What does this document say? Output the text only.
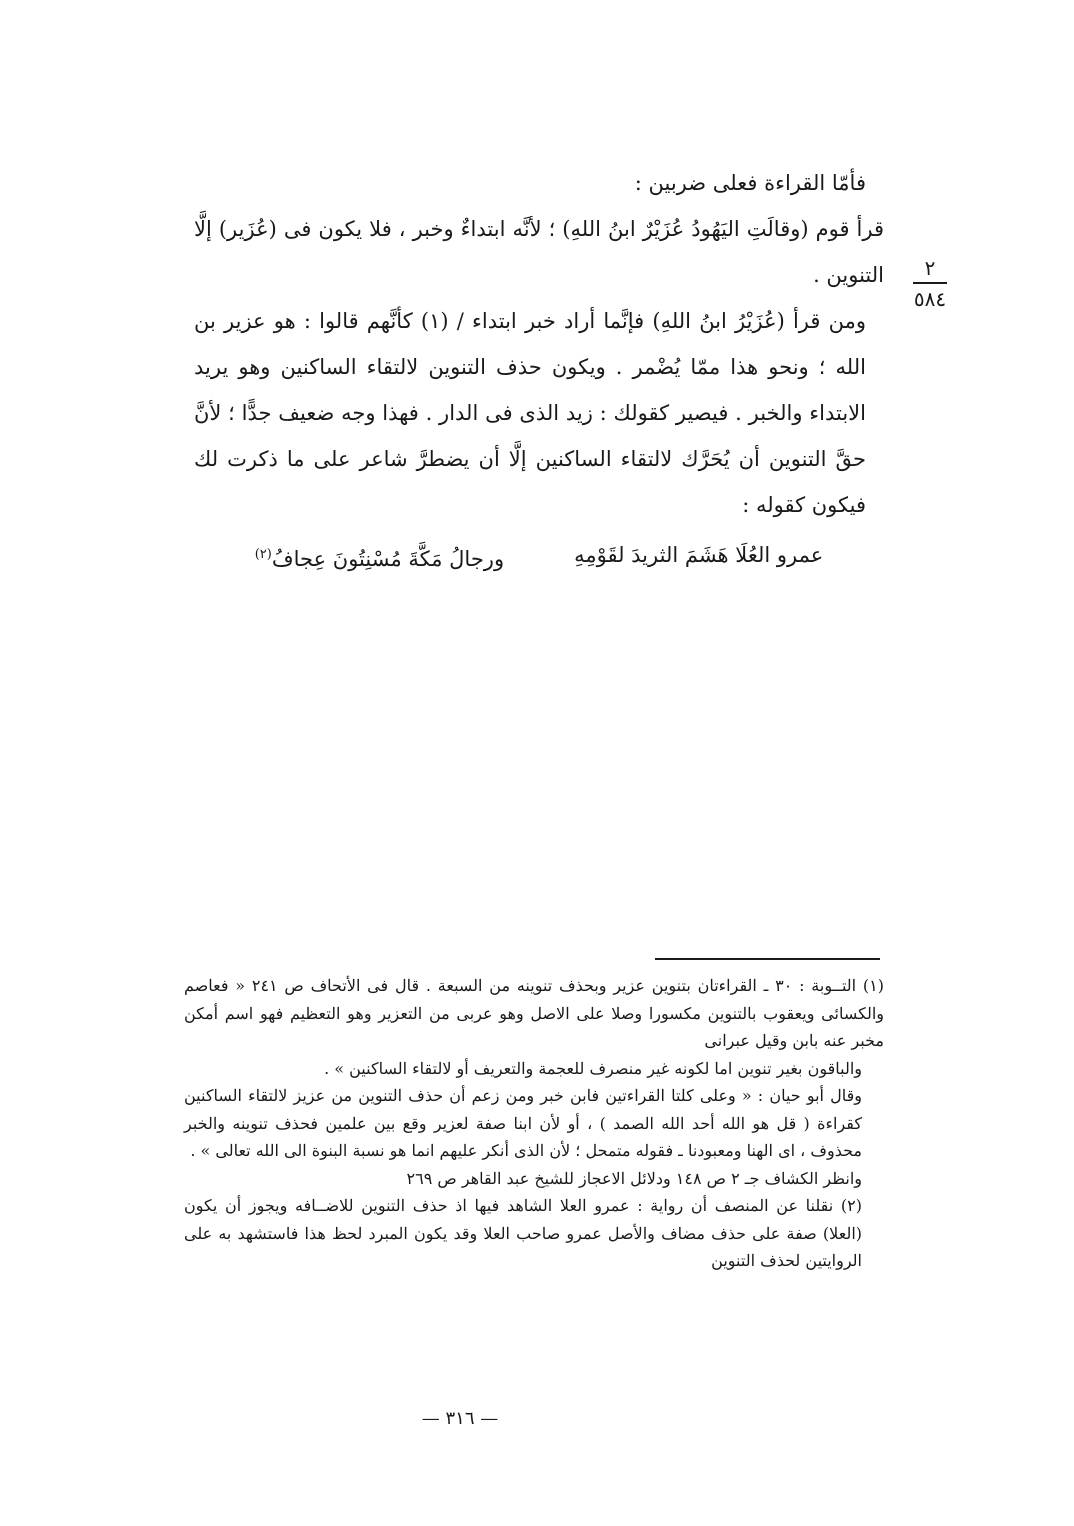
٢
٥٨٤

فأمّا القراءة فعلى ضربين :

قرأ قوم (وقالَتِ اليَهُودُ عُزَيْرٌ ابنُ اللهِ) ؛ لأنَّه ابتداءٌ وخبر ، فلا يكون فى (عُزَير) إلَّا التنوين .

ومن قرأ (عُزَيْرُ ابنُ اللهِ) فإنَّما أراد خبر ابتداء / (١) كأنَّهم قالوا : هو عزير بن الله ؛ ونحو هذا ممّا يُضْمر . ويكون حذف التنوين لالتقاء الساكنين وهو يريد الابتداء والخبر . فيصير كقولك : زيد الذى فى الدار . فهذا وجه ضعيف جدًّا ؛ لأنَّ حقَّ التنوين أن يُحَرَّك لالتقاء الساكنين إلَّا أن يضطرَّ شاعر على ما ذكرت لك فيكون كقوله :

عمرو العُلَا هَشَمَ الثريدَ لقَوْمِهِ
ورجالُ مَكَّةَ مُسْنِتُونَ عِجافُ$^{(٢)}$

(١) التــوبة : ٣٠ ـ القراءتان بتنوين عزير وبحذف تنوينه من السبعة . قال فى الأتحاف ص ٢٤١ « فعاصم والكسائى ويعقوب بالتنوين مكسورا وصلا على الاصل وهو عربى من التعزير وهو التعظيم فهو اسم أمكن مخبر عنه بابن وقيل عبرانى

والباقون بغير تنوين اما لكونه غير منصرف للعجمة والتعريف أو لالتقاء الساكنين » .

وقال أبو حيان : « وعلى كلتا القراءتين فابن خبر ومن زعم أن حذف التنوين من عزيز لالتقاء الساكنين كقراءة ( قل هو الله أحد الله الصمد ) ، أو لأن ابنا صفة لعزير وقع بين علمين فحذف تنوينه والخبر محذوف ، اى الهنا ومعبودنا ـ فقوله متمحل ؛ لأن الذى أنكر عليهم انما هو نسبة البنوة الى الله تعالى » .

وانظر الكشاف جـ ٢ ص ١٤٨ ودلائل الاعجاز للشيخ عبد القاهر ص ٢٦٩

(٢) نقلنا عن المنصف أن رواية : عمرو العلا الشاهد فيها اذ حذف التنوين للاضــافه ويجوز أن يكون (العلا) صفة على حذف مضاف والأصل عمرو صاحب العلا وقد يكون المبرد لحظ هذا فاستشهد به على الروايتين لحذف التنوين

— ٣١٦ —
